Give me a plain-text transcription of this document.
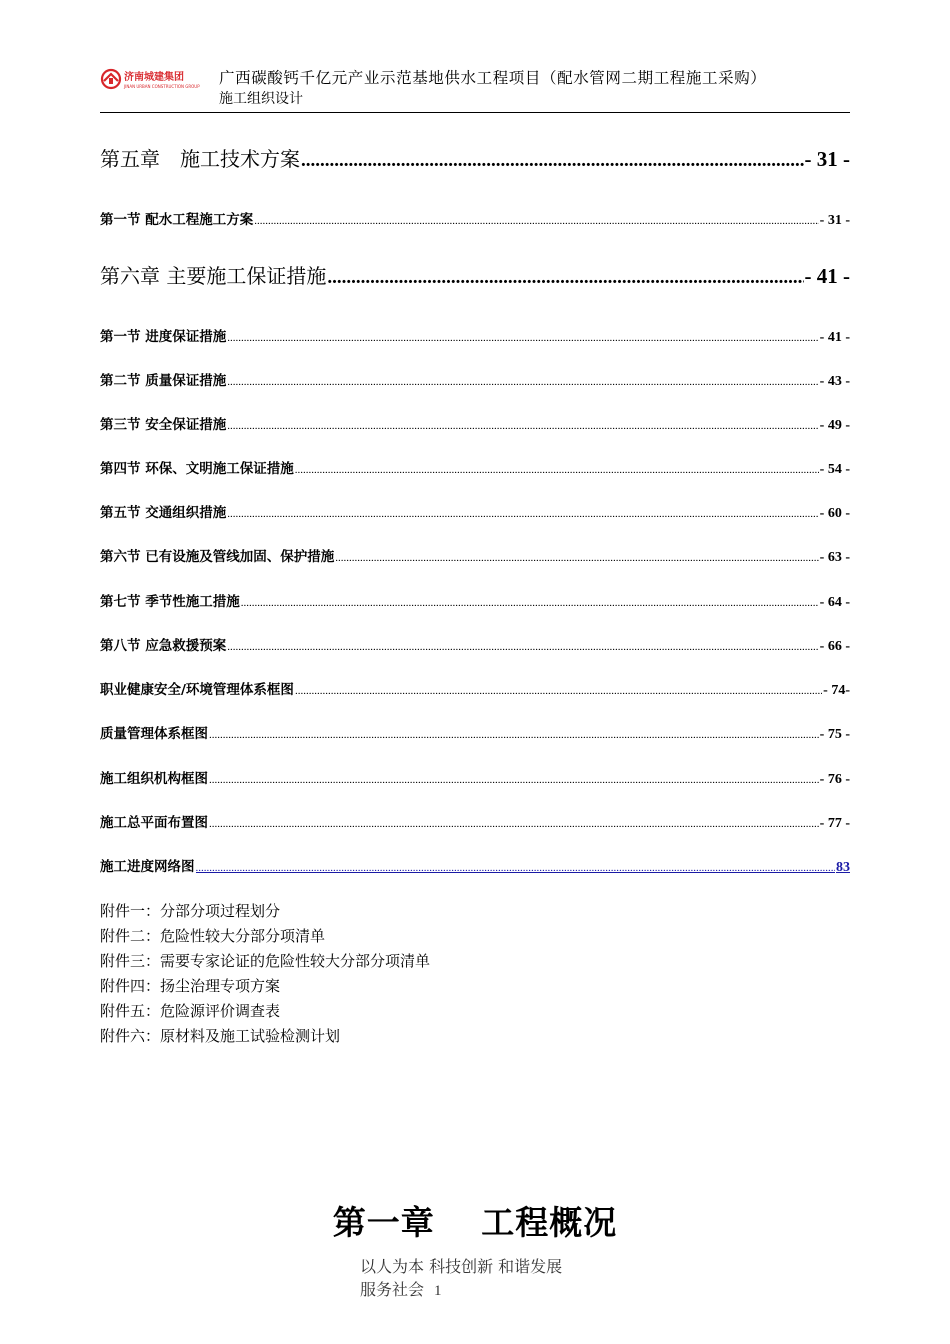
济南城建集团
JINAN URBAN CONSTRUCTION GROUP 广西碳酸钙千亿元产业示范基地供水工程项目（配水管网二期工程施工采购）
施工组织设计
第五章　施工技术方案 .....	- 31 -
第一节 配水工程施工方案 .....	- 31 -
第六章 主要施工保证措施 .....	- 41 -
第一节 进度保证措施 .....	- 41 -
第二节 质量保证措施 .....	- 43 -
第三节 安全保证措施 .....	- 49 -
第四节 环保、文明施工保证措施 .....	- 54 -
第五节 交通组织措施 .....	- 60 -
第六节 已有设施及管线加固、保护措施 .....	- 63 -
第七节 季节性施工措施 .....	- 64 -
第八节 应急救援预案 .....	- 66 -
职业健康安全/环境管理体系框图 .....	- 74-
质量管理体系框图 .....	- 75 -
施工组织机构框图 .....	- 76 -
施工总平面布置图 .....	- 77 -
施工进度网络图 .....	83
附件一：分部分项过程划分
附件二：危险性较大分部分项清单
附件三：需要专家论证的危险性较大分部分项清单
附件四：扬尘治理专项方案
附件五：危险源评价调查表
附件六：原材料及施工试验检测计划
第一章　 工程概况
以人为本 科技创新 和谐发展
服务社会 1
